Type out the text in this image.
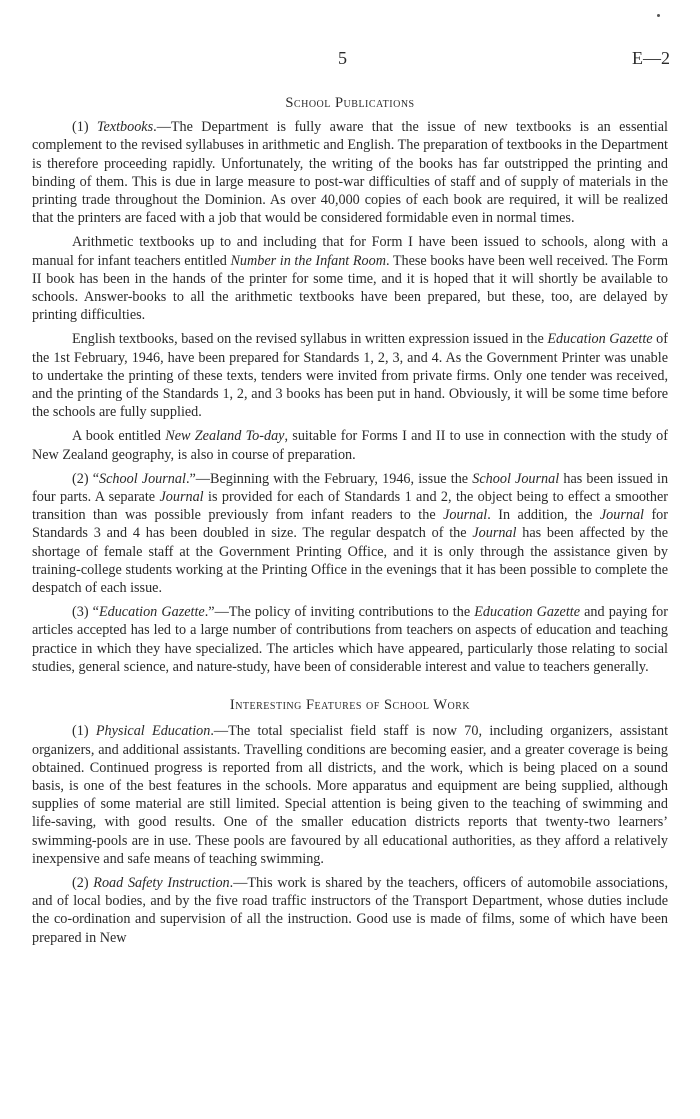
5	E—2
School Publications

(1) Textbooks.—The Department is fully aware that the issue of new textbooks is an essential complement to the revised syllabuses in arithmetic and English. The preparation of textbooks in the Department is therefore proceeding rapidly. Unfortunately, the writing of the books has far outstripped the printing and binding of them. This is due in large measure to post-war difficulties of staff and of supply of materials in the printing trade throughout the Dominion. As over 40,000 copies of each book are required, it will be realized that the printers are faced with a job that would be considered formidable even in normal times.

Arithmetic textbooks up to and including that for Form I have been issued to schools, along with a manual for infant teachers entitled Number in the Infant Room. These books have been well received. The Form II book has been in the hands of the printer for some time, and it is hoped that it will shortly be available to schools. Answer-books to all the arithmetic textbooks have been prepared, but these, too, are delayed by printing difficulties.

English textbooks, based on the revised syllabus in written expression issued in the Education Gazette of the 1st February, 1946, have been prepared for Standards 1, 2, 3, and 4. As the Government Printer was unable to undertake the printing of these texts, tenders were invited from private firms. Only one tender was received, and the printing of the Standards 1, 2, and 3 books has been put in hand. Obviously, it will be some time before the schools are fully supplied.

A book entitled New Zealand To-day, suitable for Forms I and II to use in connection with the study of New Zealand geography, is also in course of preparation.

(2) “School Journal.”—Beginning with the February, 1946, issue the School Journal has been issued in four parts. A separate Journal is provided for each of Standards 1 and 2, the object being to effect a smoother transition than was possible previously from infant readers to the Journal. In addition, the Journal for Standards 3 and 4 has been doubled in size. The regular despatch of the Journal has been affected by the shortage of female staff at the Government Printing Office, and it is only through the assistance given by training-college students working at the Printing Office in the evenings that it has been possible to complete the despatch of each issue.

(3) “Education Gazette.”—The policy of inviting contributions to the Education Gazette and paying for articles accepted has led to a large number of contributions from teachers on aspects of education and teaching practice in which they have specialized. The articles which have appeared, particularly those relating to social studies, general science, and nature-study, have been of considerable interest and value to teachers generally.

Interesting Features of School Work

(1) Physical Education.—The total specialist field staff is now 70, including organizers, assistant organizers, and additional assistants. Travelling conditions are becoming easier, and a greater coverage is being obtained. Continued progress is reported from all districts, and the work, which is being placed on a sound basis, is one of the best features in the schools. More apparatus and equipment are being supplied, although supplies of some material are still limited. Special attention is being given to the teaching of swimming and life-saving, with good results. One of the smaller education districts reports that twenty-two learners’ swimming-pools are in use. These pools are favoured by all educational authorities, as they afford a relatively inexpensive and safe means of teaching swimming.

(2) Road Safety Instruction.—This work is shared by the teachers, officers of automobile associations, and of local bodies, and by the five road traffic instructors of the Transport Department, whose duties include the co-ordination and supervision of all the instruction. Good use is made of films, some of which have been prepared in New
